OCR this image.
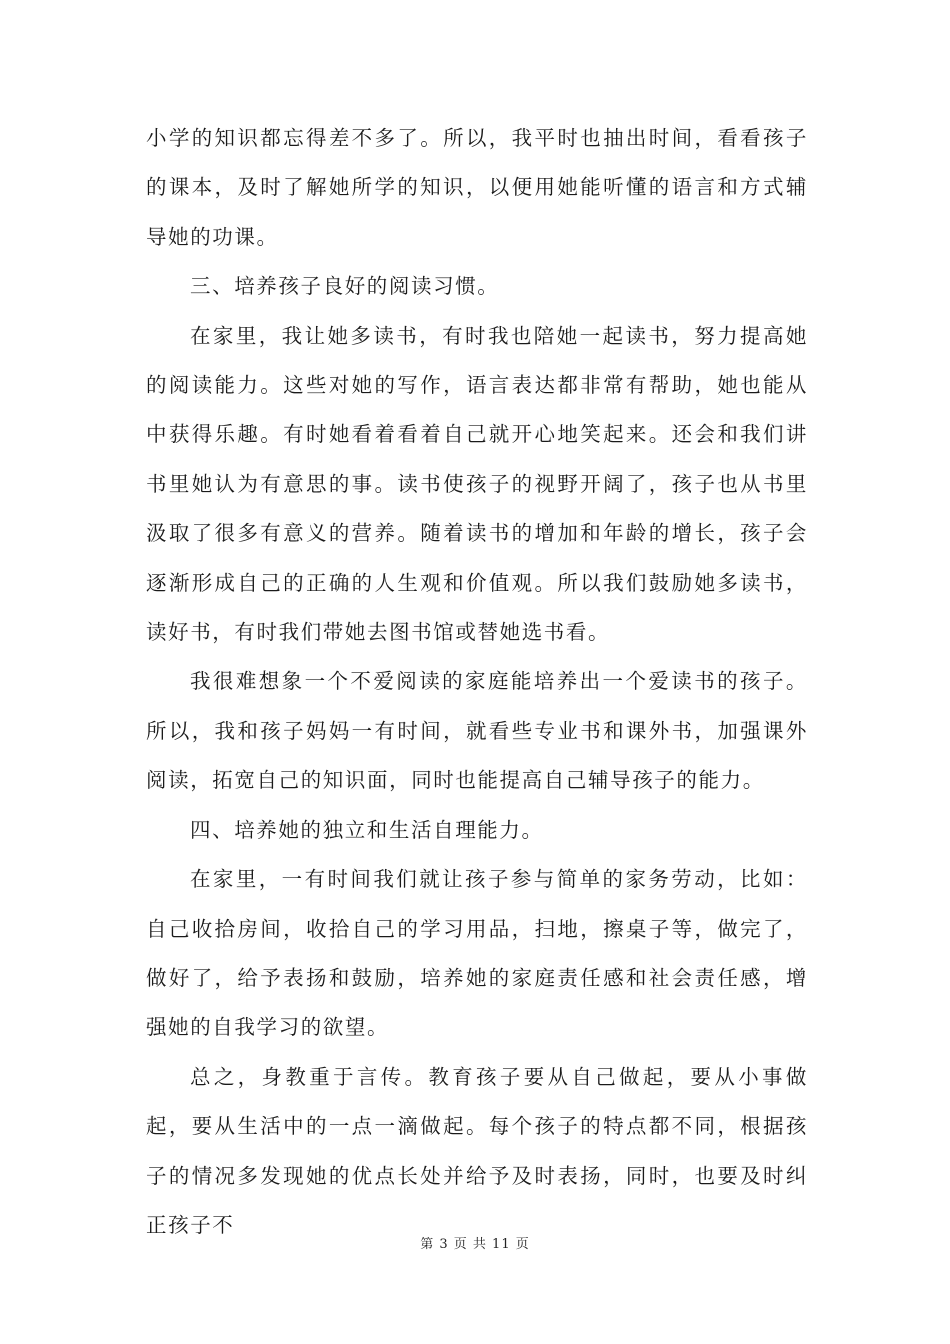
小学的知识都忘得差不多了。所以，我平时也抽出时间，看看孩子的课本，及时了解她所学的知识，以便用她能听懂的语言和方式辅导她的功课。

三、培养孩子良好的阅读习惯。

在家里，我让她多读书，有时我也陪她一起读书，努力提高她的阅读能力。这些对她的写作，语言表达都非常有帮助，她也能从中获得乐趣。有时她看着看着自己就开心地笑起来。还会和我们讲书里她认为有意思的事。读书使孩子的视野开阔了，孩子也从书里汲取了很多有意义的营养。随着读书的增加和年龄的增长，孩子会逐渐形成自己的正确的人生观和价值观。所以我们鼓励她多读书，读好书，有时我们带她去图书馆或替她选书看。

我很难想象一个不爱阅读的家庭能培养出一个爱读书的孩子。所以，我和孩子妈妈一有时间，就看些专业书和课外书，加强课外阅读，拓宽自己的知识面，同时也能提高自己辅导孩子的能力。

四、培养她的独立和生活自理能力。

在家里，一有时间我们就让孩子参与简单的家务劳动，比如：自己收拾房间，收拾自己的学习用品，扫地，擦桌子等，做完了，做好了，给予表扬和鼓励，培养她的家庭责任感和社会责任感，增强她的自我学习的欲望。

总之，身教重于言传。教育孩子要从自己做起，要从小事做起，要从生活中的一点一滴做起。每个孩子的特点都不同，根据孩子的情况多发现她的优点长处并给予及时表扬，同时，也要及时纠正孩子不

第 3 页 共 11 页
